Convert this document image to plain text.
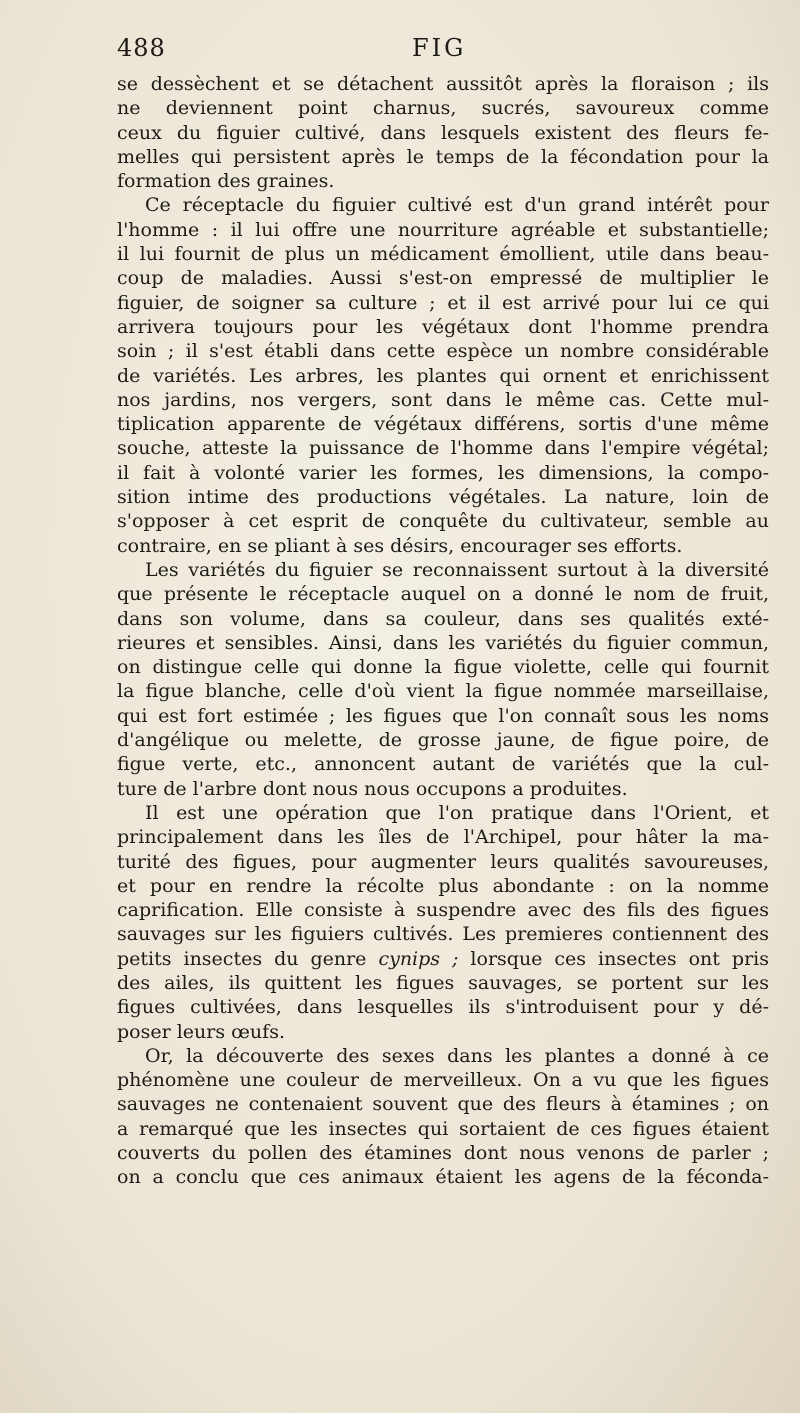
488	FIG
se dessèchent et se détachent aussitôt après la floraison ; ils
ne deviennent point charnus, sucrés, savoureux comme
ceux du figuier cultivé, dans lesquels existent des fleurs fe-
melles qui persistent après le temps de la fécondation pour la
formation des graines.
Ce réceptacle du figuier cultivé est d'un grand intérêt pour
l'homme : il lui offre une nourriture agréable et substantielle;
il lui fournit de plus un médicament émollient, utile dans beau-
coup de maladies. Aussi s'est-on empressé de multiplier le
figuier, de soigner sa culture ; et il est arrivé pour lui ce qui
arrivera toujours pour les végétaux dont l'homme prendra
soin ; il s'est établi dans cette espèce un nombre considérable
de variétés. Les arbres, les plantes qui ornent et enrichissent
nos jardins, nos vergers, sont dans le même cas. Cette mul-
tiplication apparente de végétaux différens, sortis d'une même
souche, atteste la puissance de l'homme dans l'empire végétal;
il fait à volonté varier les formes, les dimensions, la compo-
sition intime des productions végétales. La nature, loin de
s'opposer à cet esprit de conquête du cultivateur, semble au
contraire, en se pliant à ses désirs, encourager ses efforts.
Les variétés du figuier se reconnaissent surtout à la diversité
que présente le réceptacle auquel on a donné le nom de fruit,
dans son volume, dans sa couleur, dans ses qualités exté-
rieures et sensibles. Ainsi, dans les variétés du figuier commun,
on distingue celle qui donne la figue violette, celle qui fournit
la figue blanche, celle d'où vient la figue nommée marseillaise,
qui est fort estimée ; les figues que l'on connaît sous les noms
d'angélique ou melette, de grosse jaune, de figue poire, de
figue verte, etc., annoncent autant de variétés que la cul-
ture de l'arbre dont nous nous occupons a produites.
Il est une opération que l'on pratique dans l'Orient, et
principalement dans les îles de l'Archipel, pour hâter la ma-
turité des figues, pour augmenter leurs qualités savoureuses,
et pour en rendre la récolte plus abondante : on la nomme
caprification. Elle consiste à suspendre avec des fils des figues
sauvages sur les figuiers cultivés. Les premieres contiennent des
petits insectes du genre cynips ; lorsque ces insectes ont pris
des ailes, ils quittent les figues sauvages, se portent sur les
figues cultivées, dans lesquelles ils s'introduisent pour y dé-
poser leurs œufs.
Or, la découverte des sexes dans les plantes a donné à ce
phénomène une couleur de merveilleux. On a vu que les figues
sauvages ne contenaient souvent que des fleurs à étamines ; on
a remarqué que les insectes qui sortaient de ces figues étaient
couverts du pollen des étamines dont nous venons de parler ;
on a conclu que ces animaux étaient les agens de la féconda-
